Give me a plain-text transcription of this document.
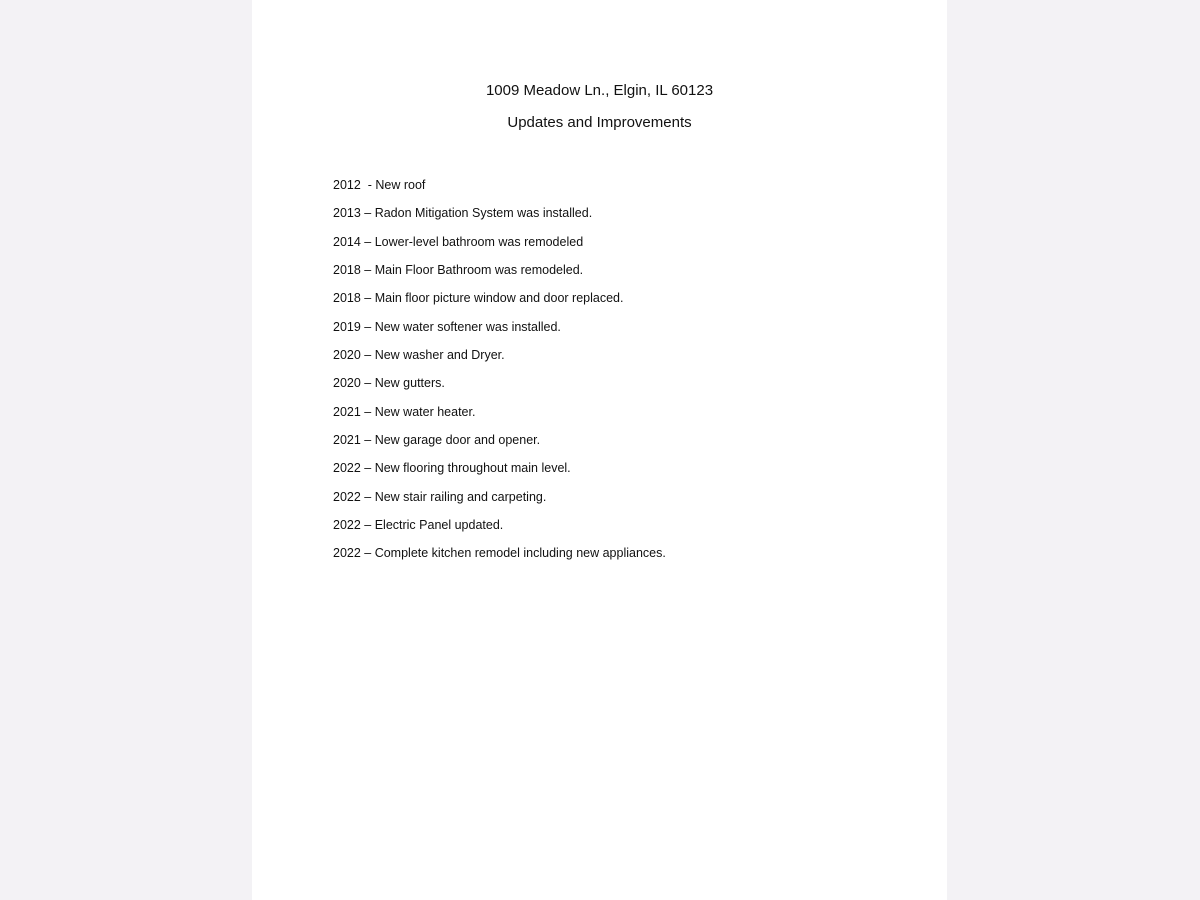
1009 Meadow Ln., Elgin, IL 60123
Updates and Improvements
2012  - New roof
2013 – Radon Mitigation System was installed.
2014 – Lower-level bathroom was remodeled
2018 – Main Floor Bathroom was remodeled.
2018 – Main floor picture window and door replaced.
2019 – New water softener was installed.
2020 – New washer and Dryer.
2020 – New gutters.
2021 – New water heater.
2021 – New garage door and opener.
2022 – New flooring throughout main level.
2022 – New stair railing and carpeting.
2022 – Electric Panel updated.
2022 – Complete kitchen remodel including new appliances.
